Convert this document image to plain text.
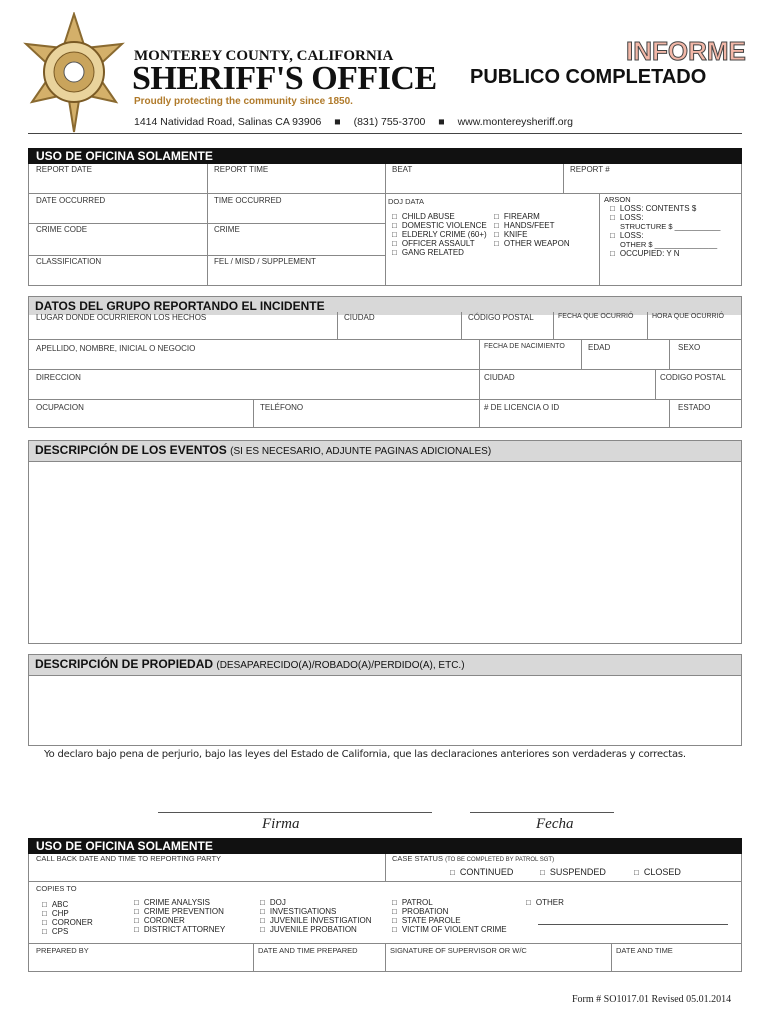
MONTEREY COUNTY, CALIFORNIA
SHERIFF'S OFFICE
Proudly protecting the community since 1850.
1414 Natividad Road, Salinas CA 93906 ■ (831) 755-3700 ■ www.montereysheriff.org
INFORME
PUBLICO COMPLETADO
USO DE OFICINA SOLAMENTE
REPORT DATE	REPORT TIME	BEAT	REPORT #
DATE OCCURRED	TIME OCCURRED
CRIME CODE	CRIME
CLASSIFICATION	FEL / MISD / SUPPLEMENT
DOJ DATA
□ CHILD ABUSE
□ DOMESTIC VIOLENCE
□ ELDERLY CRIME (60+)
□ OFFICER ASSAULT
□ GANG RELATED
□ FIREARM
□ HANDS/FEET
□ KNIFE
□ OTHER WEAPON
ARSON
□ LOSS: CONTENTS $
□ LOSS:
STRUCTURE $ ___________
□ LOSS:
OTHER $ _______________
□ OCCUPIED: Y N
DATOS DEL GRUPO REPORTANDO EL INCIDENTE
LUGAR DONDE OCURRIERON LOS HECHOS	CIUDAD	CÓDIGO POSTAL	FECHA QUE OCURRIÓ	HORA QUE OCURRIÓ
APELLIDO, NOMBRE, INICIAL O NEGOCIO	FECHA DE NACIMIENTO	EDAD	SEXO
DIRECCION	CIUDAD	CODIGO POSTAL
OCUPACION	TELÉFONO	# DE LICENCIA O ID	ESTADO
DESCRIPCIÓN DE LOS EVENTOS (SI ES NECESARIO, ADJUNTE PAGINAS ADICIONALES)
DESCRIPCIÓN DE PROPIEDAD (DESAPARECIDO(A)/ROBADO(A)/PERDIDO(A), ETC.)
Yo declaro bajo pena de perjurio, bajo las leyes del Estado de California, que las declaraciones anteriores son verdaderas y correctas.
Firma	Fecha
USO DE OFICINA SOLAMENTE
CALL BACK DATE AND TIME TO REPORTING PARTY	CASE STATUS (TO BE COMPLETED BY PATROL SGT)
□ CONTINUED	□ SUSPENDED	□ CLOSED
COPIES TO
□ ABC
□ CHP
□ CORONER
□ CPS
□ CRIME ANALYSIS
□ CRIME PREVENTION
□ CORONER
□ DISTRICT ATTORNEY
□ DOJ
□ INVESTIGATIONS
□ JUVENILE INVESTIGATION
□ JUVENILE PROBATION
□ PATROL
□ PROBATION
□ STATE PAROLE
□ VICTIM OF VIOLENT CRIME
□ OTHER
PREPARED BY	DATE AND TIME PREPARED	SIGNATURE OF SUPERVISOR OR W/C	DATE AND TIME
Form # SO1017.01 Revised 05.01.2014
